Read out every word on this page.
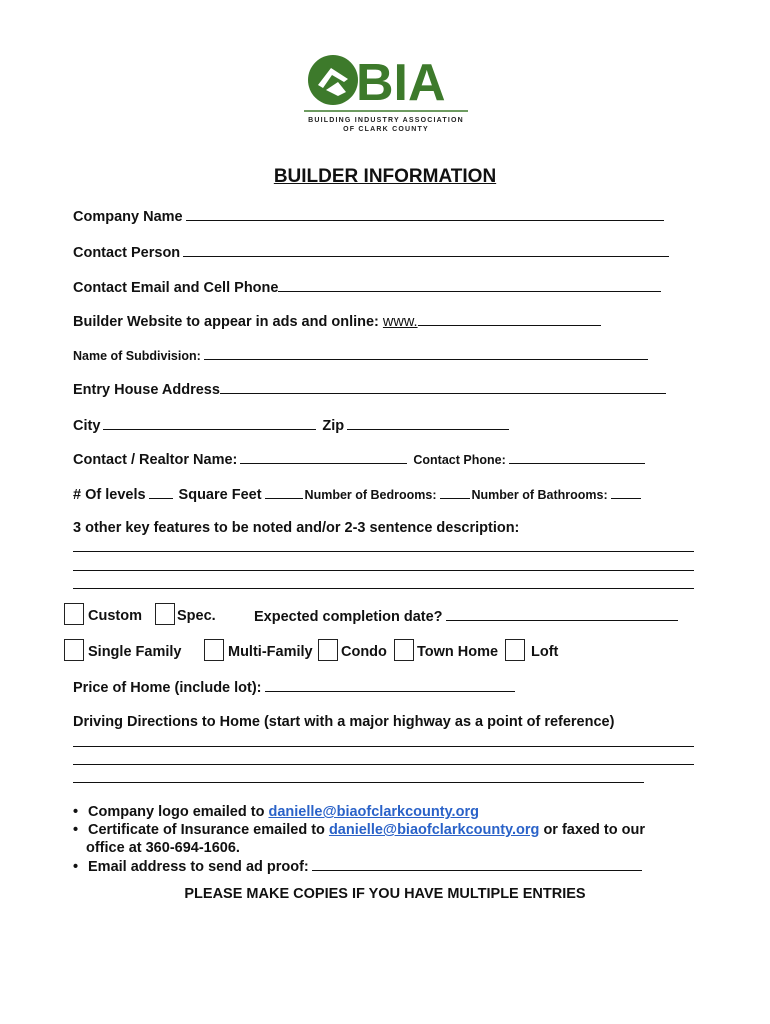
BIA
BUILDING INDUSTRY ASSOCIATION
OF CLARK COUNTY
BUILDER INFORMATION
Company Name
Contact Person
Contact Email and Cell Phone
Builder Website to appear in ads and online: www.
Name of Subdivision:
Entry House Address
City	Zip
Contact / Realtor Name:	Contact Phone:
# Of levels Square Feet	Number of Bedrooms:	Number of Bathrooms:
3 other key features to be noted and/or 2-3 sentence description:
Custom Spec.	Expected completion date?
Single Family	Multi-Family Condo Town Home Loft
Price of Home (include lot):
Driving Directions to Home (start with a major highway as a point of reference)
• Company logo emailed to danielle@biaofclarkcounty.org
• Certificate of Insurance emailed to danielle@biaofclarkcounty.org or faxed to our
office at 360-694-1606.
• Email address to send ad proof:
PLEASE MAKE COPIES IF YOU HAVE MULTIPLE ENTRIES
